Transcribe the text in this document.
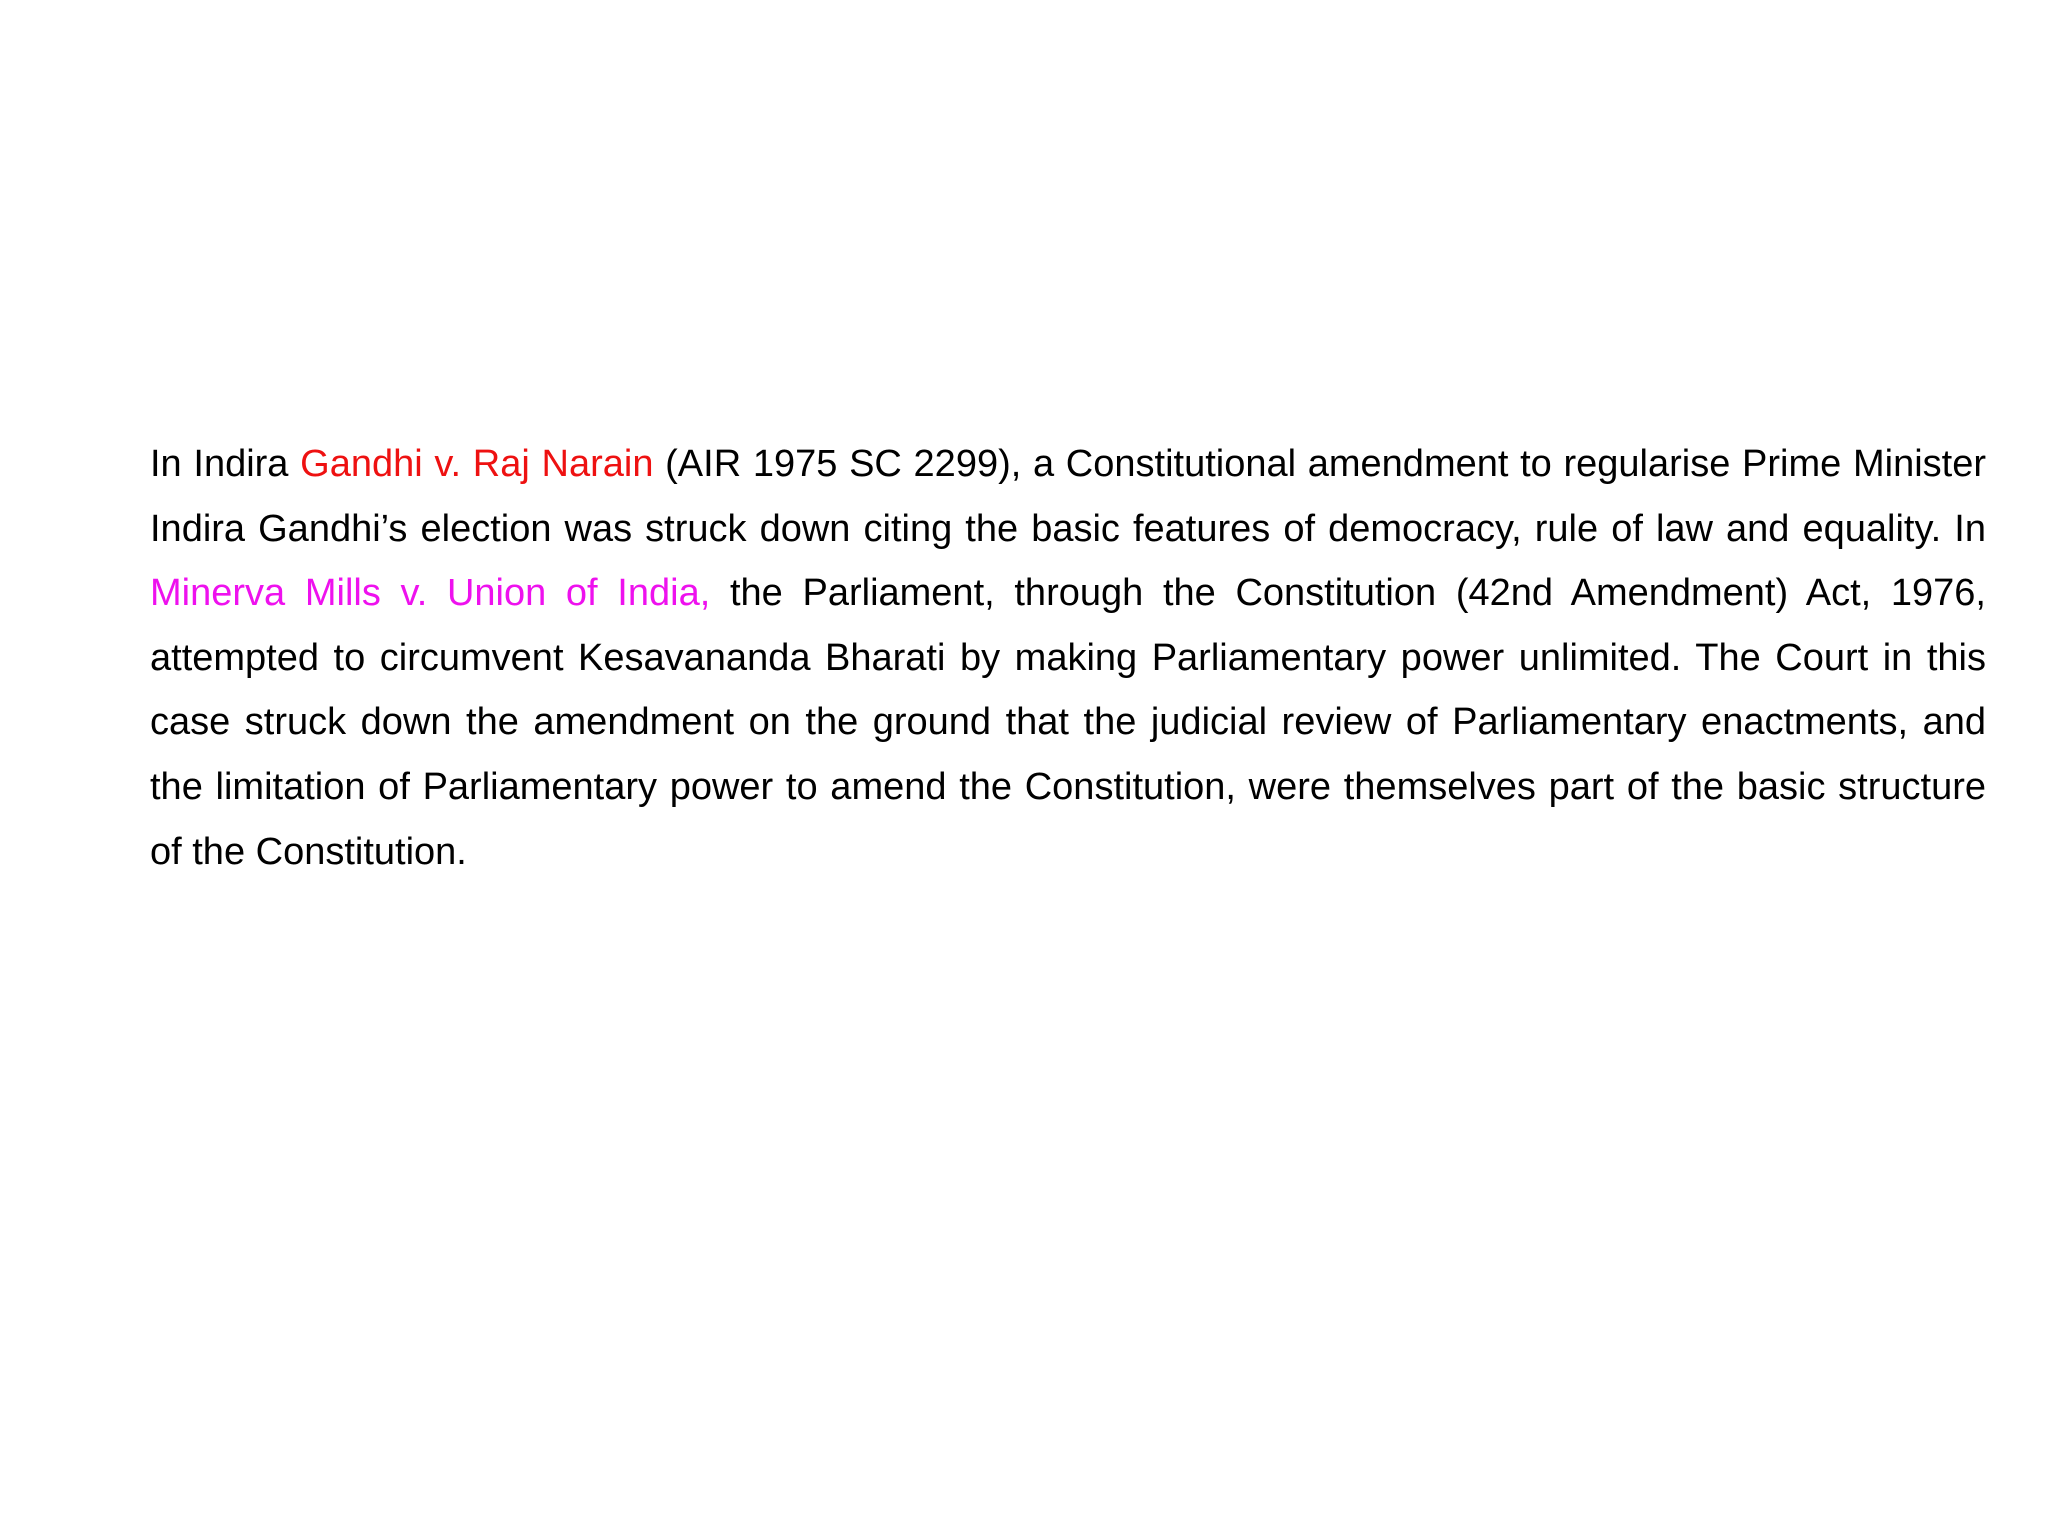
In Indira Gandhi v. Raj Narain (AIR 1975 SC 2299), a Constitutional amendment to regularise Prime Minister Indira Gandhi’s election was struck down citing the basic features of democracy, rule of law and equality. In Minerva Mills v. Union of India, the Parliament, through the Constitution (42nd Amendment) Act, 1976, attempted to circumvent Kesavananda Bharati by making Parliamentary power unlimited. The Court in this case struck down the amendment on the ground that the judicial review of Parliamentary enactments, and the limitation of Parliamentary power to amend the Constitution, were themselves part of the basic structure of the Constitution.
